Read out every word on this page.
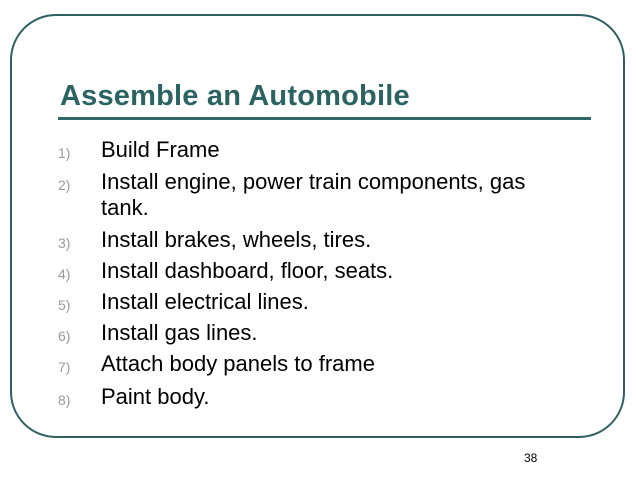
Assemble an Automobile
1) Build Frame
2) Install engine, power train components, gas tank.
3) Install brakes, wheels, tires.
4) Install dashboard, floor, seats.
5) Install electrical lines.
6) Install gas lines.
7) Attach body panels to frame
8) Paint body.
38
